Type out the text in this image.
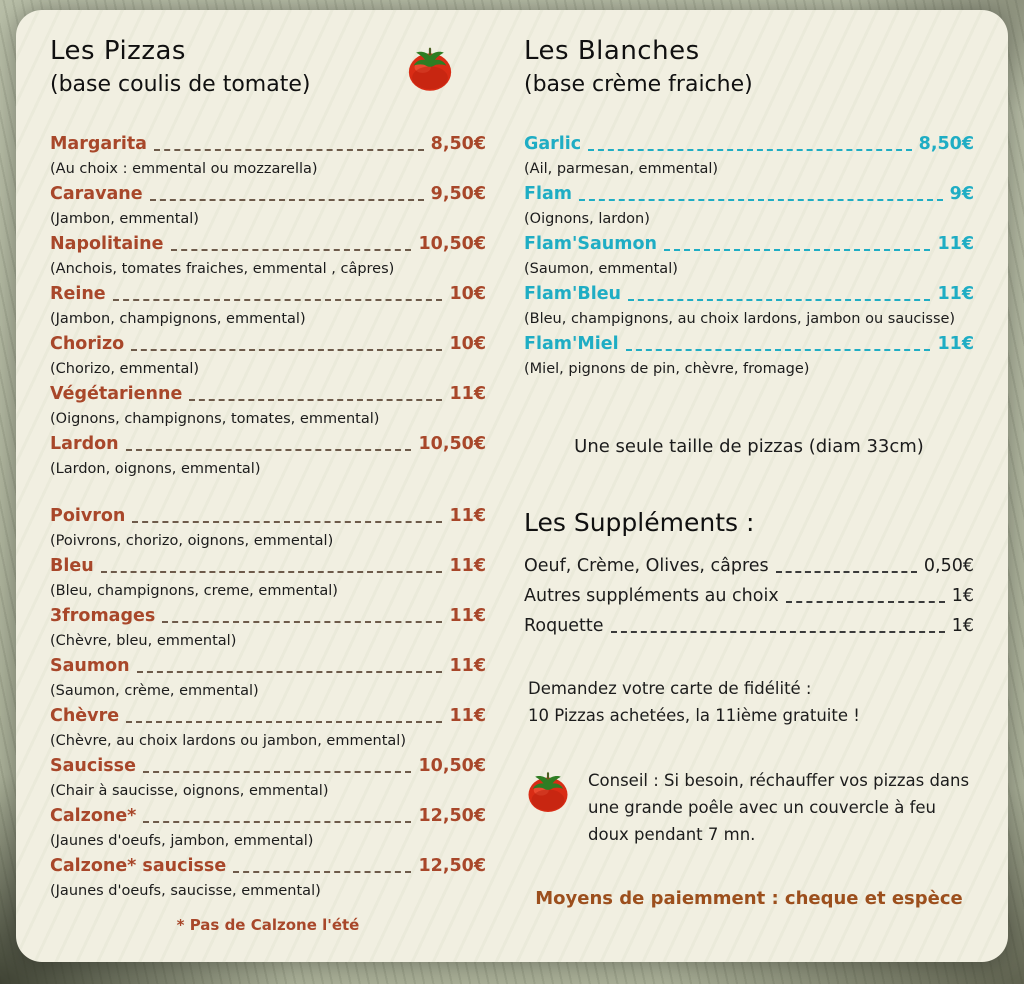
Les Pizzas
(base coulis de tomate)
Margarita	8,50€
(Au choix : emmental ou mozzarella)
Caravane	9,50€
(Jambon, emmental)
Napolitaine	10,50€
(Anchois, tomates fraiches, emmental , câpres)
Reine	10€
(Jambon, champignons, emmental)
Chorizo	10€
(Chorizo, emmental)
Végétarienne	11€
(Oignons, champignons, tomates, emmental)
Lardon	10,50€
(Lardon, oignons, emmental)
Poivron	11€
(Poivrons, chorizo, oignons, emmental)
Bleu	11€
(Bleu, champignons, creme, emmental)
3fromages	11€
(Chèvre, bleu, emmental)
Saumon	11€
(Saumon, crème, emmental)
Chèvre	11€
(Chèvre, au choix lardons ou jambon, emmental)
Saucisse	10,50€
(Chair à saucisse, oignons, emmental)
Calzone*	12,50€
(Jaunes d'oeufs, jambon, emmental)
Calzone* saucisse	12,50€
(Jaunes d'oeufs, saucisse, emmental)
* Pas de Calzone l'été
Les Blanches
(base crème fraiche)
Garlic	8,50€
(Ail, parmesan, emmental)
Flam	9€
(Oignons, lardon)
Flam'Saumon	11€
(Saumon, emmental)
Flam'Bleu	11€
(Bleu, champignons, au choix lardons, jambon ou saucisse)
Flam'Miel	11€
(Miel, pignons de pin, chèvre, fromage)
Une seule taille de pizzas (diam 33cm)
Les Suppléments :
Oeuf, Crème, Olives, câpres	0,50€
Autres suppléments au choix	1€
Roquette	1€
Demandez votre carte de fidélité :
10 Pizzas achetées, la 11ième gratuite !
Conseil : Si besoin, réchauffer vos pizzas dans une grande poêle avec un couvercle à feu doux pendant 7 mn.
Moyens de paiemment : cheque et espèce
